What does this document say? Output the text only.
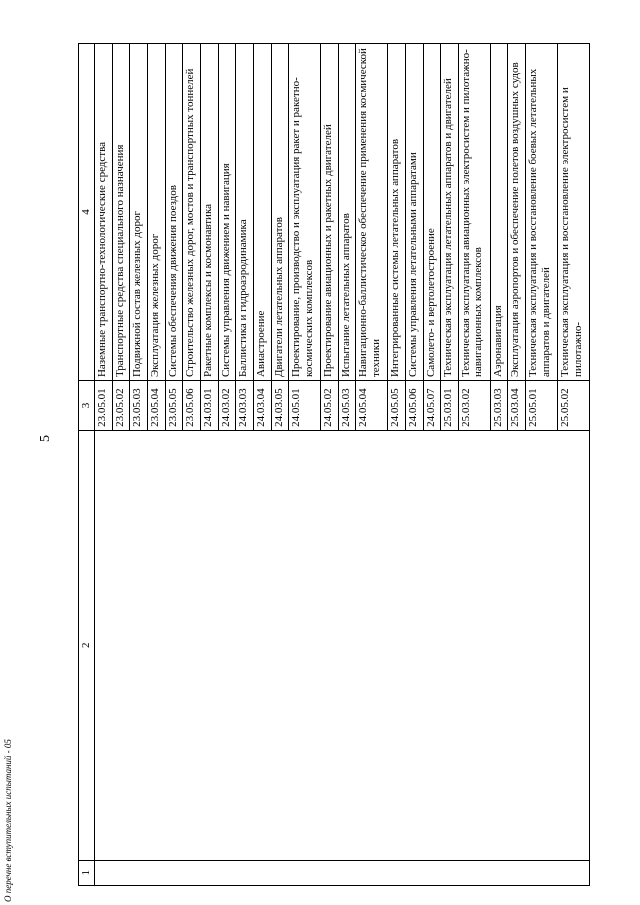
5
1	2	3	4
		23.05.01	Наземные транспортно-технологические средства
		23.05.02	Транспортные средства специального назначения
		23.05.03	Подвижной состав железных дорог
		23.05.04	Эксплуатация железных дорог
		23.05.05	Системы обеспечения движения поездов
		23.05.06	Строительство железных дорог, мостов и транспортных тоннелей
		24.03.01	Ракетные комплексы и космонавтика
		24.03.02	Системы управления движением и навигация
		24.03.03	Баллистика и гидроаэродинамика
		24.03.04	Авиастроение
		24.03.05	Двигатели летательных аппаратов
		24.05.01	Проектирование, производство и эксплуатация ракет и ракетно-космических комплексов
		24.05.02	Проектирование авиационных и ракетных двигателей
		24.05.03	Испытание летательных аппаратов
		24.05.04	Навигационно-баллистическое обеспечение применения космической техники
		24.05.05	Интегрированные системы летательных аппаратов
		24.05.06	Системы управления летательными аппаратами
		24.05.07	Самолето- и вертолетостроение
		25.03.01	Техническая эксплуатация летательных аппаратов и двигателей
		25.03.02	Техническая эксплуатация авиационных электросистем и пилотажно-навигационных комплексов
		25.03.03	Аэронавигация
		25.03.04	Эксплуатация аэропортов и обеспечение полетов воздушных судов
		25.05.01	Техническая эксплуатация и восстановление боевых летательных аппаратов и двигателей
		25.05.02	Техническая эксплуатация и восстановление электросистем и пилотажно-
О перечне вступительных испытаний - 05
